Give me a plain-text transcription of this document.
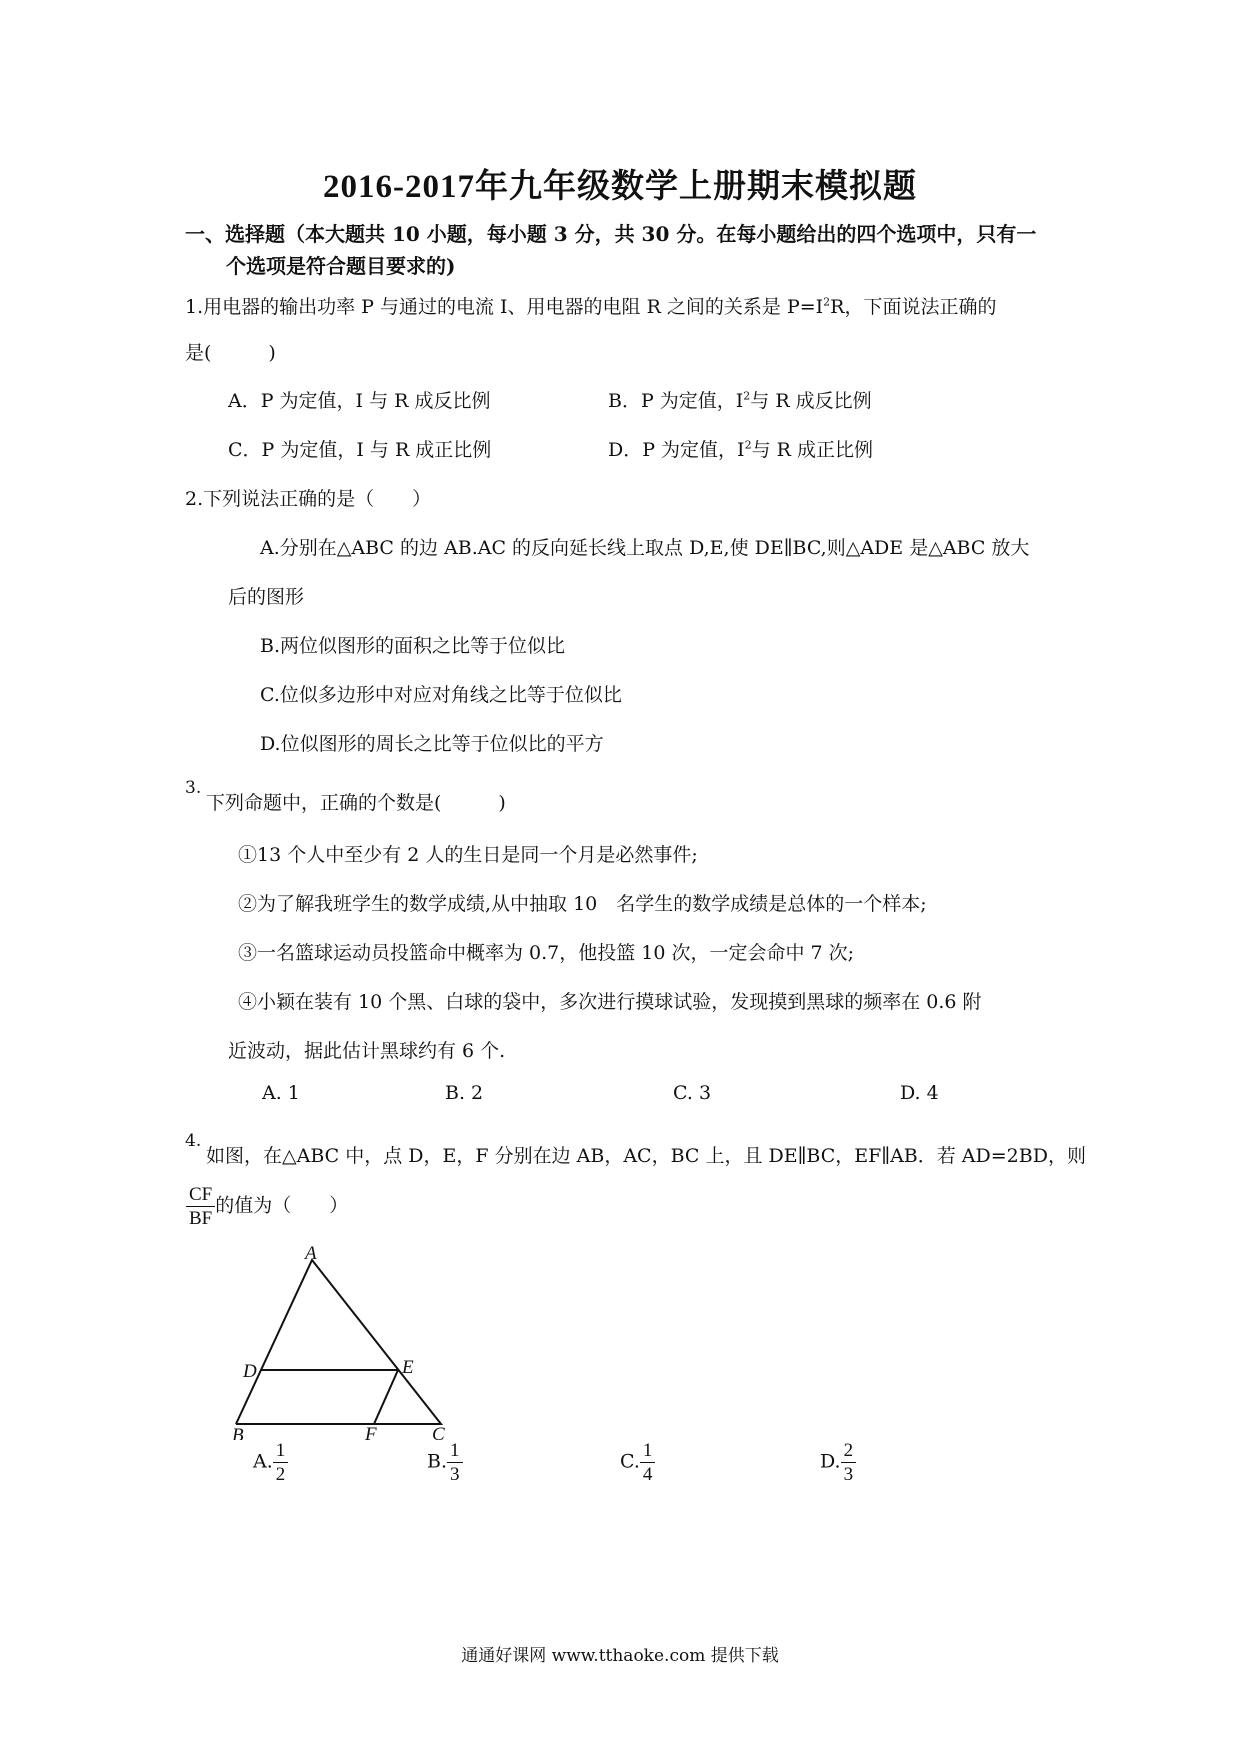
2016-2017年九年级数学上册期末模拟题
一、选择题（本大题共 10 小题，每小题 3 分，共 30 分。在每小题给出的四个选项中，只有一
个选项是符合题目要求的)
1.用电器的输出功率 P 与通过的电流 I、用电器的电阻 R 之间的关系是 $P=I^2R$，下面说法正确的
是(　　　)
A．P 为定值，I 与 R 成反比例	B．P 为定值，$I^2$与 R 成反比例
C．P 为定值，I 与 R 成正比例	D．P 为定值，$I^2$与 R 成正比例
2.下列说法正确的是（　　）
A.分别在△ABC 的边 AB.AC 的反向延长线上取点 D,E,使 DE∥BC,则△ADE 是△ABC 放大
后的图形
B.两位似图形的面积之比等于位似比
C.位似多边形中对应对角线之比等于位似比
D.位似图形的周长之比等于位似比的平方
3.
下列命题中，正确的个数是(　　　)
①13 个人中至少有 2 人的生日是同一个月是必然事件;
②为了解我班学生的数学成绩,从中抽取 10　名学生的数学成绩是总体的一个样本;
③一名篮球运动员投篮命中概率为 0.7，他投篮 10 次，一定会命中 7 次;
④小颖在装有 10 个黑、白球的袋中，多次进行摸球试验，发现摸到黑球的频率在 0.6 附
近波动，据此估计黑球约有 6 个.
A. 1	B. 2	C. 3	D. 4
4.
如图，在△ABC 中，点 D，E，F 分别在边 AB，AC，BC 上，且 DE∥BC，EF∥AB．若 AD=2BD，则
$\frac{CF}{BF}$ 的值为（　　）
A
D	E
B	F	C
A. $\frac{1}{2}$	B. $\frac{1}{3}$	C. $\frac{1}{4}$	D. $\frac{2}{3}$
通通好课网 www.tthaoke.com 提供下载
